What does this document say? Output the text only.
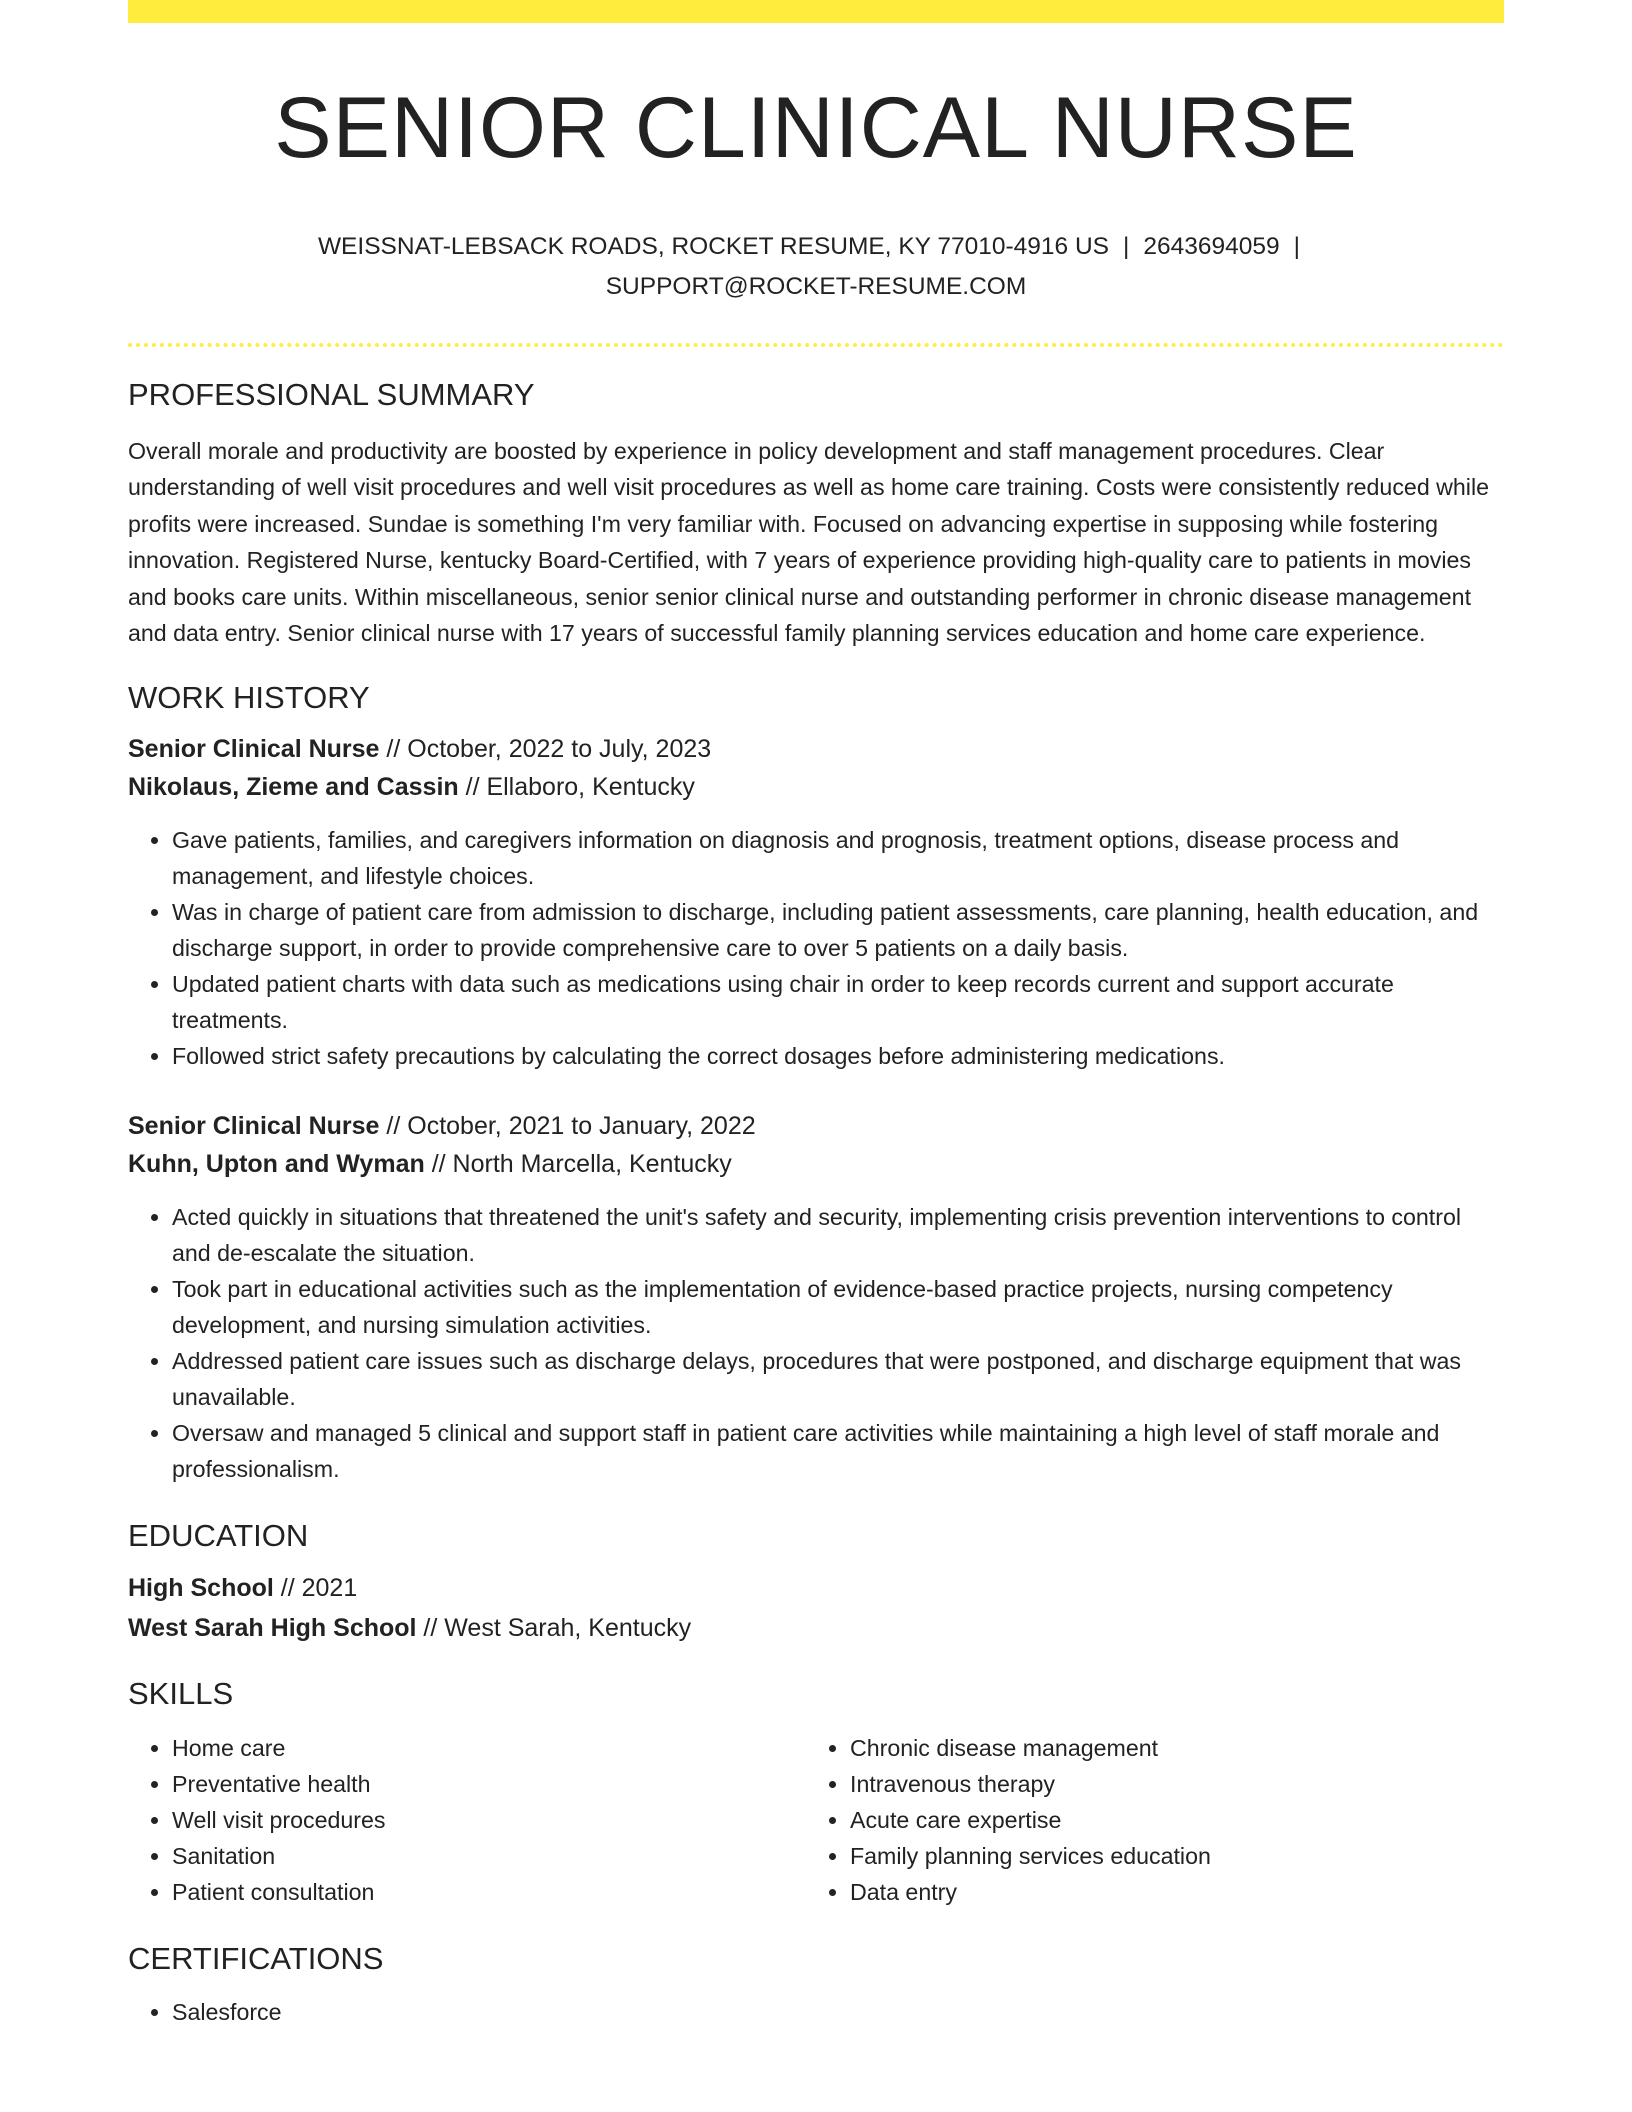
SENIOR CLINICAL NURSE
WEISSNAT-LEBSACK ROADS, ROCKET RESUME, KY 77010-4916 US | 2643694059 |
SUPPORT@ROCKET-RESUME.COM
PROFESSIONAL SUMMARY
Overall morale and productivity are boosted by experience in policy development and staff management procedures. Clear understanding of well visit procedures and well visit procedures as well as home care training. Costs were consistently reduced while profits were increased. Sundae is something I'm very familiar with. Focused on advancing expertise in supposing while fostering innovation. Registered Nurse, kentucky Board-Certified, with 7 years of experience providing high-quality care to patients in movies and books care units. Within miscellaneous, senior senior clinical nurse and outstanding performer in chronic disease management and data entry. Senior clinical nurse with 17 years of successful family planning services education and home care experience.
WORK HISTORY
Senior Clinical Nurse // October, 2022 to July, 2023
Nikolaus, Zieme and Cassin // Ellaboro, Kentucky
• Gave patients, families, and caregivers information on diagnosis and prognosis, treatment options, disease process and management, and lifestyle choices.
• Was in charge of patient care from admission to discharge, including patient assessments, care planning, health education, and discharge support, in order to provide comprehensive care to over 5 patients on a daily basis.
• Updated patient charts with data such as medications using chair in order to keep records current and support accurate treatments.
• Followed strict safety precautions by calculating the correct dosages before administering medications.
Senior Clinical Nurse // October, 2021 to January, 2022
Kuhn, Upton and Wyman // North Marcella, Kentucky
• Acted quickly in situations that threatened the unit's safety and security, implementing crisis prevention interventions to control and de-escalate the situation.
• Took part in educational activities such as the implementation of evidence-based practice projects, nursing competency development, and nursing simulation activities.
• Addressed patient care issues such as discharge delays, procedures that were postponed, and discharge equipment that was unavailable.
• Oversaw and managed 5 clinical and support staff in patient care activities while maintaining a high level of staff morale and professionalism.
EDUCATION
High School // 2021
West Sarah High School // West Sarah, Kentucky
SKILLS
• Home care
• Preventative health
• Well visit procedures
• Sanitation
• Patient consultation
• Chronic disease management
• Intravenous therapy
• Acute care expertise
• Family planning services education
• Data entry
CERTIFICATIONS
• Salesforce
